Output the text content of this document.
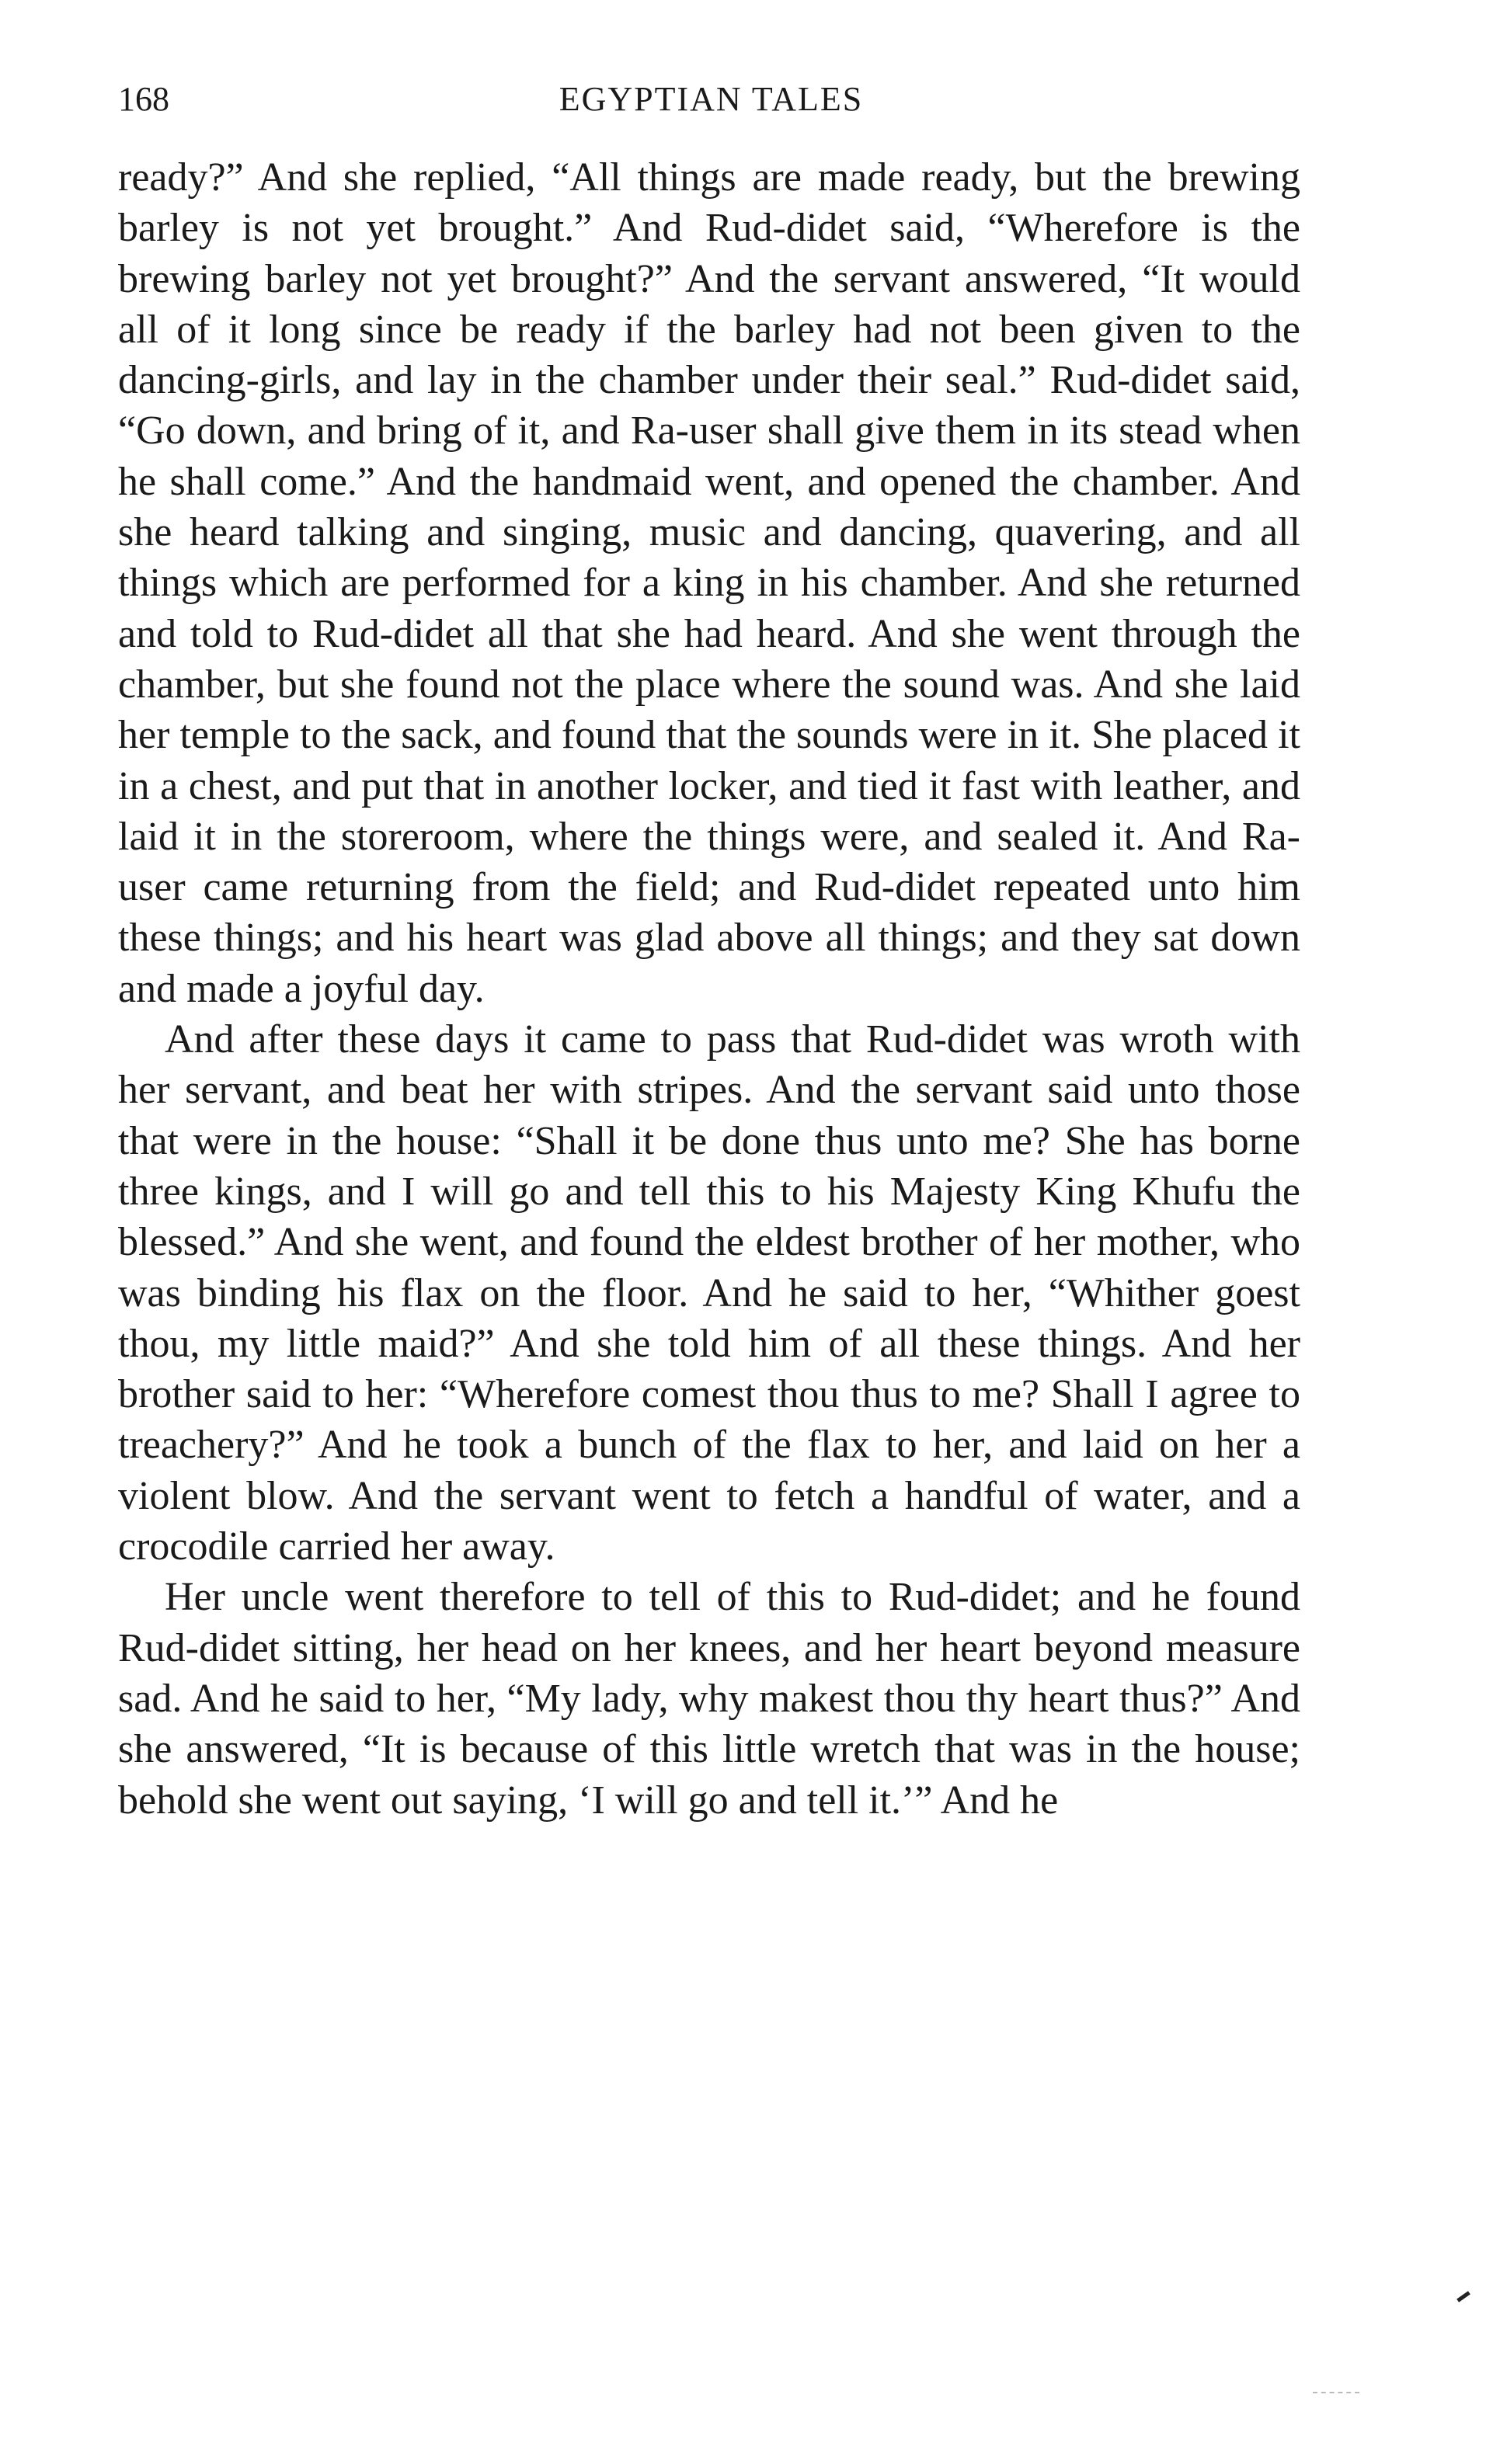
168	EGYPTIAN TALES

ready?” And she replied, “All things are made ready, but the brewing barley is not yet brought.” And Rud-didet said, “Wherefore is the brewing barley not yet brought?” And the servant answered, “It would all of it long since be ready if the barley had not been given to the dancing-girls, and lay in the chamber under their seal.” Rud-didet said, “Go down, and bring of it, and Ra-user shall give them in its stead when he shall come.” And the handmaid went, and opened the chamber. And she heard talking and singing, music and dancing, quavering, and all things which are performed for a king in his chamber. And she returned and told to Rud-didet all that she had heard. And she went through the chamber, but she found not the place where the sound was. And she laid her temple to the sack, and found that the sounds were in it. She placed it in a chest, and put that in another locker, and tied it fast with leather, and laid it in the storeroom, where the things were, and sealed it. And Ra-user came returning from the field; and Rud-didet repeated unto him these things; and his heart was glad above all things; and they sat down and made a joyful day.

And after these days it came to pass that Rud-didet was wroth with her servant, and beat her with stripes. And the servant said unto those that were in the house: “Shall it be done thus unto me? She has borne three kings, and I will go and tell this to his Majesty King Khufu the blessed.” And she went, and found the eldest brother of her mother, who was binding his flax on the floor. And he said to her, “Whither goest thou, my little maid?” And she told him of all these things. And her brother said to her: “Wherefore comest thou thus to me? Shall I agree to treachery?” And he took a bunch of the flax to her, and laid on her a violent blow. And the servant went to fetch a handful of water, and a crocodile carried her away.

Her uncle went therefore to tell of this to Rud-didet; and he found Rud-didet sitting, her head on her knees, and her heart beyond measure sad. And he said to her, “My lady, why makest thou thy heart thus?” And she answered, “It is because of this little wretch that was in the house; behold she went out saying, ‘I will go and tell it.’” And he
